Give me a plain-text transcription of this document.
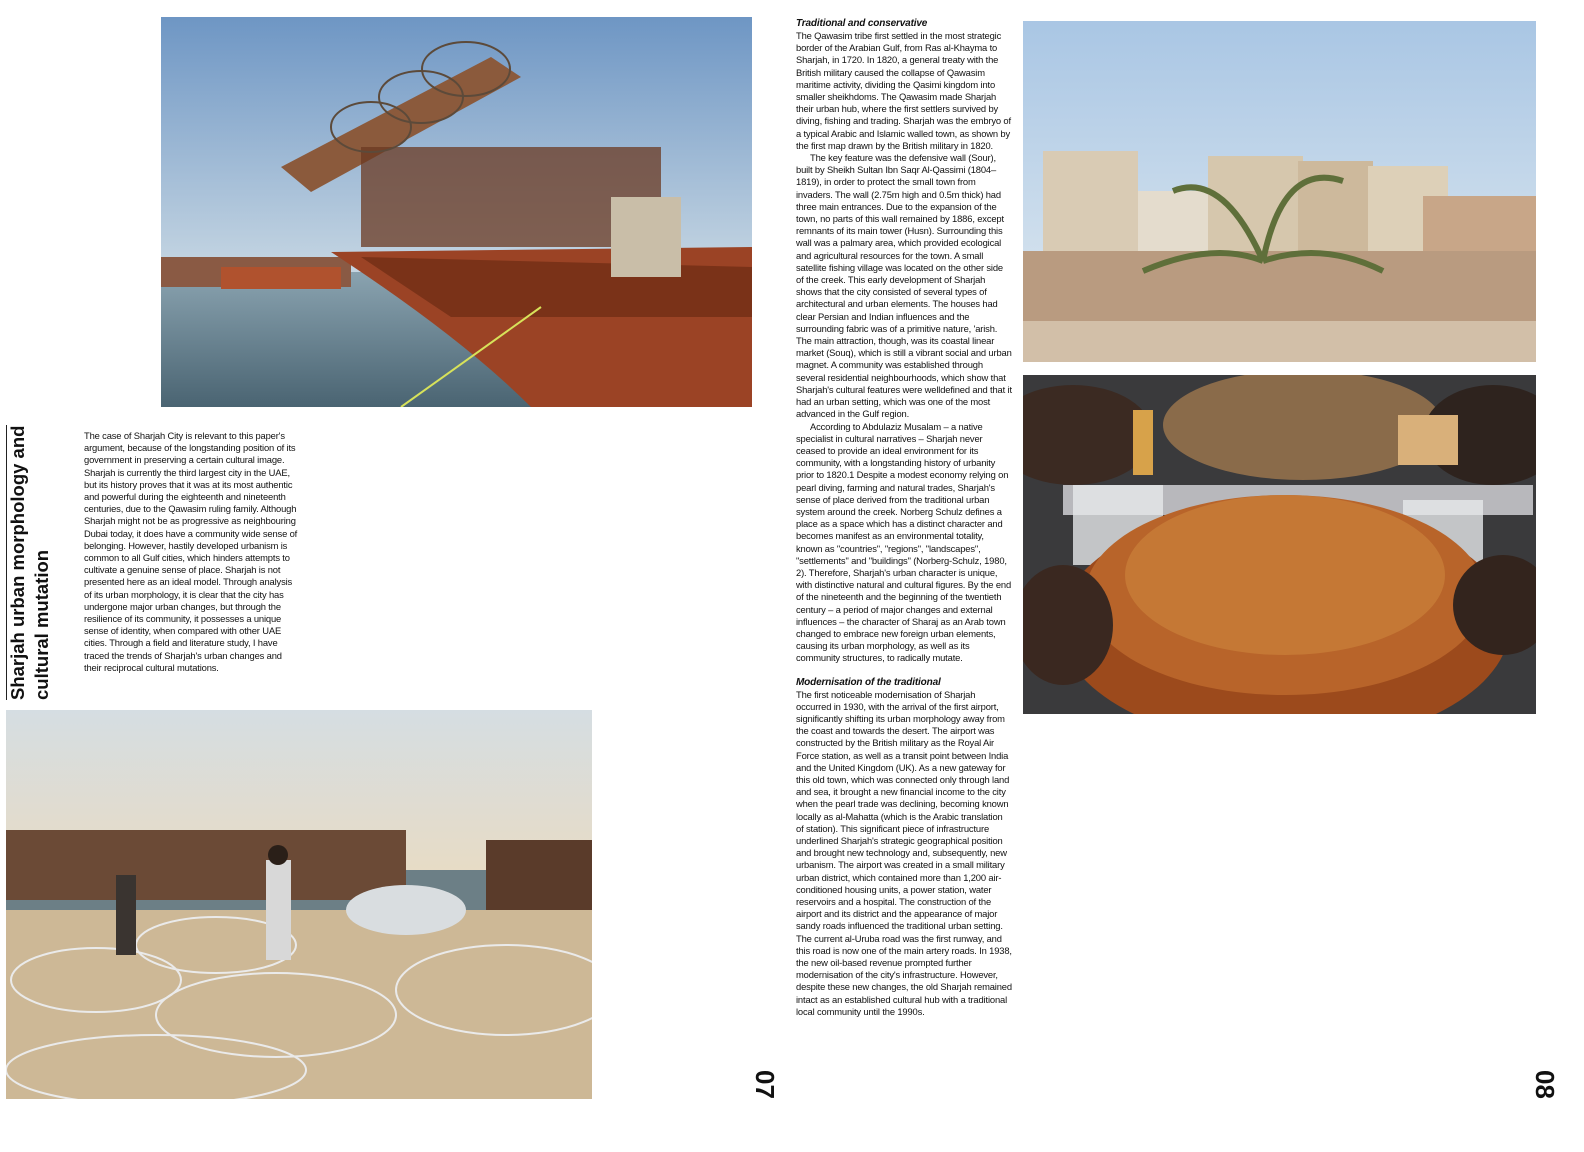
Sharjah urban morphology and cultural mutation
The case of Sharjah City is relevant to this paper's argument, because of the longstanding position of its government in preserving a certain cultural image. Sharjah is currently the third largest city in the UAE, but its history proves that it was at its most authentic and powerful during the eighteenth and nineteenth centuries, due to the Qawasim ruling family. Although Sharjah might not be as progressive as neighbouring Dubai today, it does have a community wide sense of belonging. However, hastily developed urbanism is common to all Gulf cities, which hinders attempts to cultivate a genuine sense of place. Sharjah is not presented here as an ideal model. Through analysis of its urban morphology, it is clear that the city has undergone major urban changes, but through the resilience of its community, it possesses a unique sense of identity, when compared with other UAE cities. Through a field and literature study, I have traced the trends of Sharjah's urban changes and their reciprocal cultural mutations.
Traditional and conservative

The Qawasim tribe first settled in the most strategic border of the Arabian Gulf, from Ras al-Khayma to Sharjah, in 1720. In 1820, a general treaty with the British military caused the collapse of Qawasim maritime activity, dividing the Qasimi kingdom into smaller sheikhdoms. The Qawasim made Sharjah their urban hub, where the first settlers survived by diving, fishing and trading. Sharjah was the embryo of a typical Arabic and Islamic walled town, as shown by the first map drawn by the British military in 1820.

The key feature was the defensive wall (Sour), built by Sheikh Sultan Ibn Saqr Al-Qassimi (1804–1819), in order to protect the small town from invaders. The wall (2.75m high and 0.5m thick) had three main entrances. Due to the expansion of the town, no parts of this wall remained by 1886, except remnants of its main tower (Husn). Surrounding this wall was a palmary area, which provided ecological and agricultural resources for the town. A small satellite fishing village was located on the other side of the creek. This early development of Sharjah shows that the city consisted of several types of architectural and urban elements. The houses had clear Persian and Indian influences and the surrounding fabric was of a primitive nature, 'arish. The main attraction, though, was its coastal linear market (Souq), which is still a vibrant social and urban magnet. A community was established through several residential neighbourhoods, which show that Sharjah's cultural features were welldefined and that it had an urban setting, which was one of the most advanced in the Gulf region.

According to Abdulaziz Musalam – a native specialist in cultural narratives – Sharjah never ceased to provide an ideal environment for its community, with a longstanding history of urbanity prior to 1820.1 Despite a modest economy relying on pearl diving, farming and natural trades, Sharjah's sense of place derived from the traditional urban system around the creek. Norberg Schulz defines a place as a space which has a distinct character and becomes manifest as an environmental totality, known as "countries", "regions", "landscapes", "settlements" and "buildings" (Norberg-Schulz, 1980, 2). Therefore, Sharjah's urban character is unique, with distinctive natural and cultural figures. By the end of the nineteenth and the beginning of the twentieth century – a period of major changes and external influences – the character of Sharaj as an Arab town changed to embrace new foreign urban elements, causing its urban morphology, as well as its community structures, to radically mutate.

Modernisation of the traditional

The first noticeable modernisation of Sharjah occurred in 1930, with the arrival of the first airport, significantly shifting its urban morphology away from the coast and towards the desert. The airport was constructed by the British military as the Royal Air Force station, as well as a transit point between India and the United Kingdom (UK). As a new gateway for this old town, which was connected only through land and sea, it brought a new financial income to the city when the pearl trade was declining, becoming known locally as al-Mahatta (which is the Arabic translation of station). This significant piece of infrastructure underlined Sharjah's strategic geographical position and brought new technology and, subsequently, new urbanism. The airport was created in a small military urban district, which contained more than 1,200 air-conditioned housing units, a power station, water reservoirs and a hospital. The construction of the airport and its district and the appearance of major sandy roads influenced the traditional urban setting. The current al-Uruba road was the first runway, and this road is now one of the main artery roads. In 1938, the new oil-based revenue prompted further modernisation of the city's infrastructure. However, despite these new changes, the old Sharjah remained intact as an established cultural hub with a traditional local community until the 1990s.

07	08
